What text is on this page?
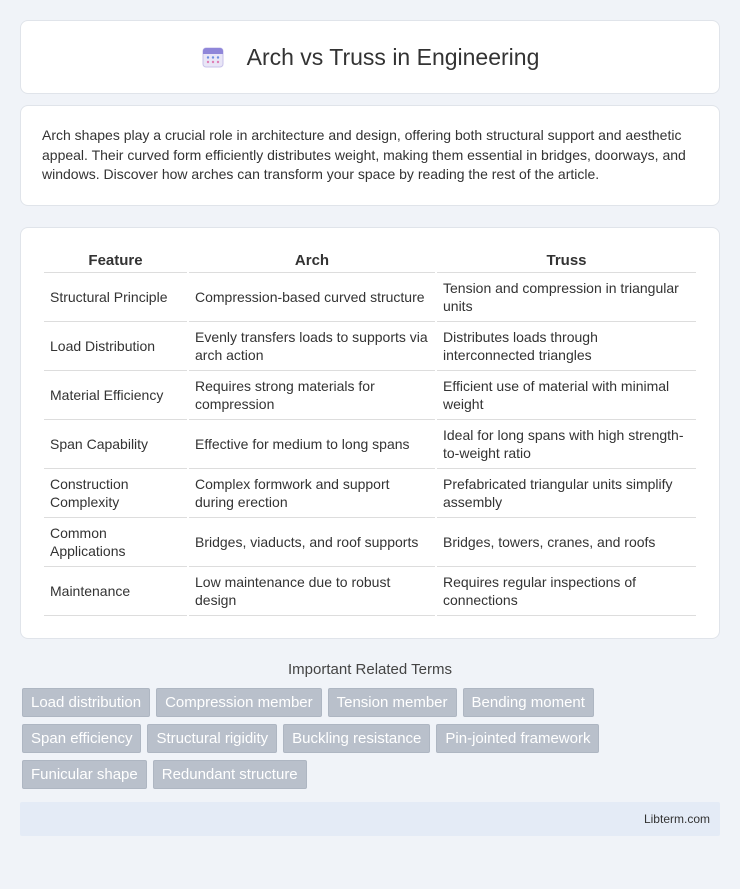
Arch vs Truss in Engineering

Arch shapes play a crucial role in architecture and design, offering both structural support and aesthetic appeal. Their curved form efficiently distributes weight, making them essential in bridges, doorways, and windows. Discover how arches can transform your space by reading the rest of the article.

Feature	Arch	Truss
Structural Principle	Compression-based curved structure	Tension and compression in triangular units
Load Distribution	Evenly transfers loads to supports via arch action	Distributes loads through interconnected triangles
Material Efficiency	Requires strong materials for compression	Efficient use of material with minimal weight
Span Capability	Effective for medium to long spans	Ideal for long spans with high strength-to-weight ratio
Construction Complexity	Complex formwork and support during erection	Prefabricated triangular units simplify assembly
Common Applications	Bridges, viaducts, and roof supports	Bridges, towers, cranes, and roofs
Maintenance	Low maintenance due to robust design	Requires regular inspections of connections
Important Related Terms
Load distribution	Compression member	Tension member	Bending moment
Span efficiency	Structural rigidity	Buckling resistance	Pin-jointed framework
Funicular shape	Redundant structure
Libterm.com
